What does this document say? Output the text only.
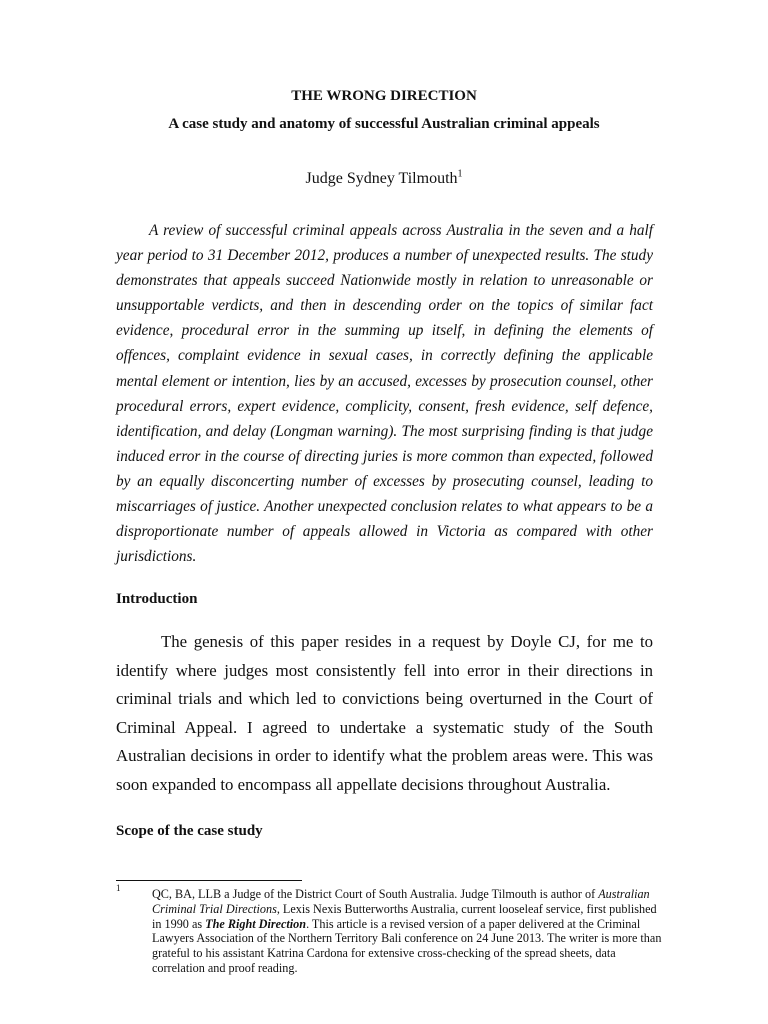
THE WRONG DIRECTION
A case study and anatomy of successful Australian criminal appeals
Judge Sydney Tilmouth$^1$

A review of successful criminal appeals across Australia in the seven and a half year period to 31 December 2012, produces a number of unexpected results. The study demonstrates that appeals succeed Nationwide mostly in relation to unreasonable or unsupportable verdicts, and then in descending order on the topics of similar fact evidence, procedural error in the summing up itself, in defining the elements of offences, complaint evidence in sexual cases, in correctly defining the applicable mental element or intention, lies by an accused, excesses by prosecution counsel, other procedural errors, expert evidence, complicity, consent, fresh evidence, self defence, identification, and delay (Longman warning). The most surprising finding is that judge induced error in the course of directing juries is more common than expected, followed by an equally disconcerting number of excesses by prosecuting counsel, leading to miscarriages of justice. Another unexpected conclusion relates to what appears to be a disproportionate number of appeals allowed in Victoria as compared with other jurisdictions.

Introduction

The genesis of this paper resides in a request by Doyle CJ, for me to identify where judges most consistently fell into error in their directions in criminal trials and which led to convictions being overturned in the Court of Criminal Appeal. I agreed to undertake a systematic study of the South Australian decisions in order to identify what the problem areas were. This was soon expanded to encompass all appellate decisions throughout Australia.

Scope of the case study
1	QC, BA, LLB a Judge of the District Court of South Australia. Judge Tilmouth is author of Australian Criminal Trial Directions, Lexis Nexis Butterworths Australia, current looseleaf service, first published in 1990 as The Right Direction. This article is a revised version of a paper delivered at the Criminal Lawyers Association of the Northern Territory Bali conference on 24 June 2013. The writer is more than grateful to his assistant Katrina Cardona for extensive cross-checking of the spread sheets, data correlation and proof reading.
